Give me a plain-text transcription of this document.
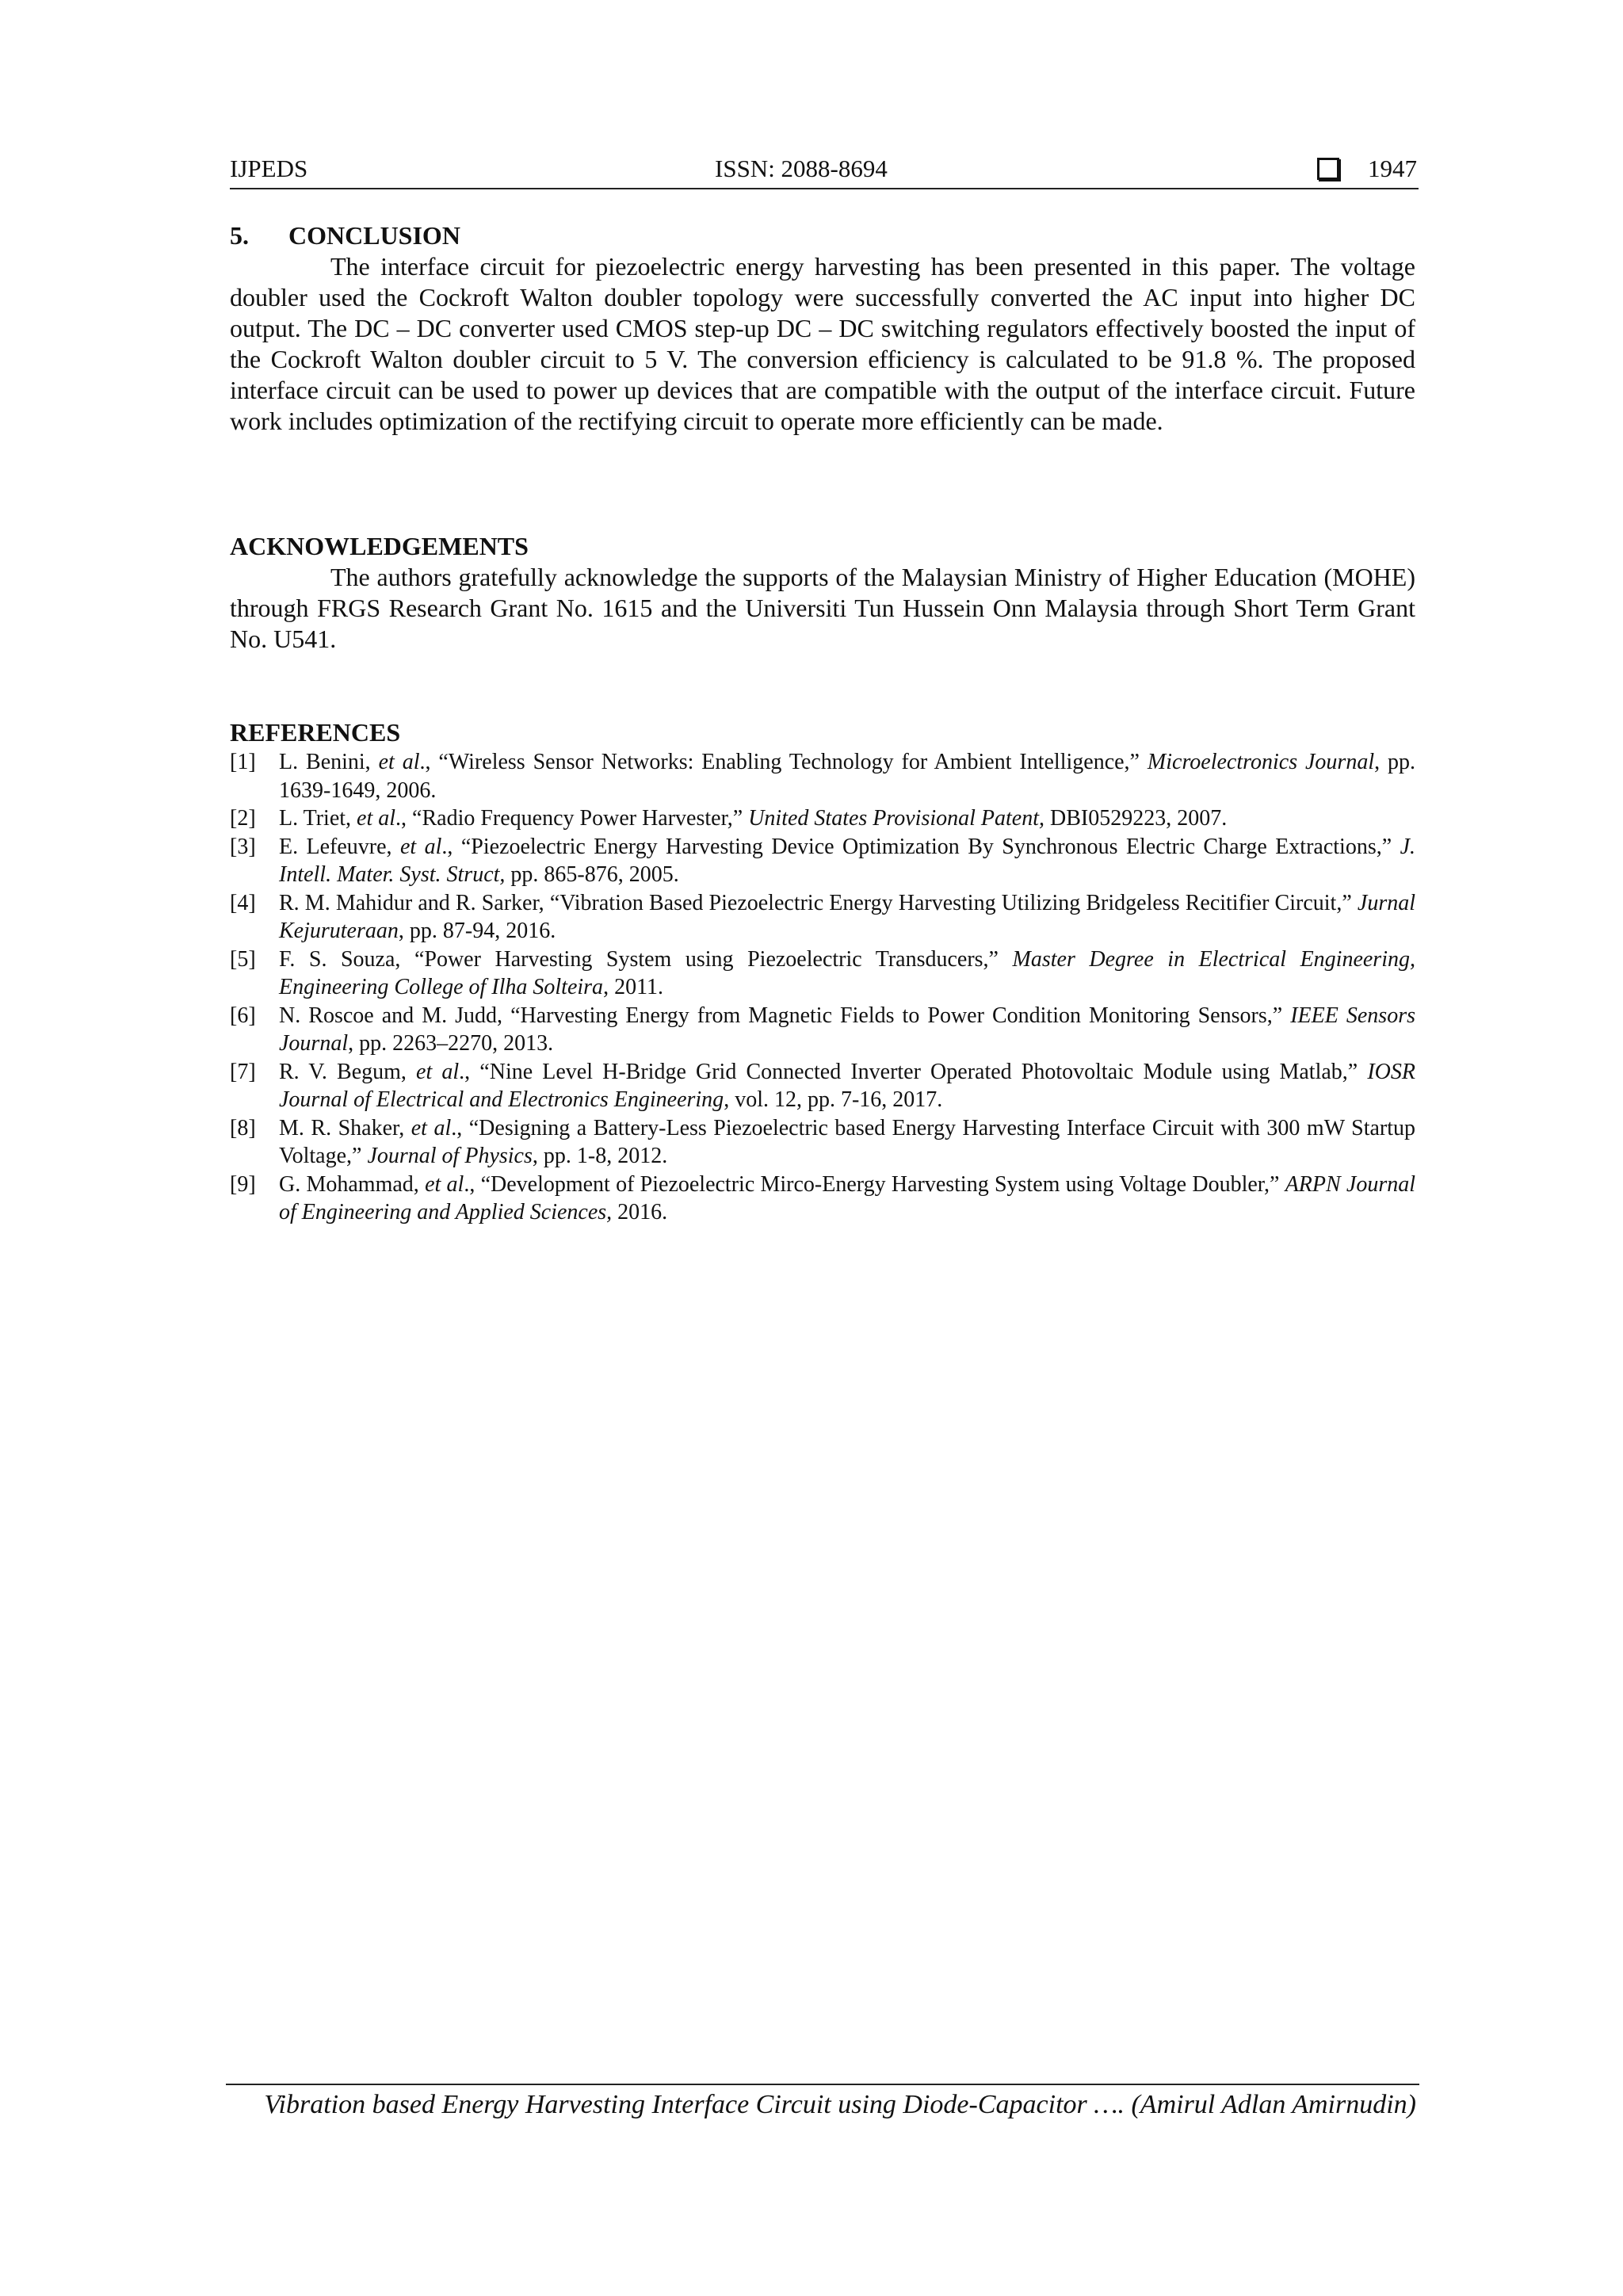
IJPEDS	ISSN: 2088-8694	1947
5. CONCLUSION

The interface circuit for piezoelectric energy harvesting has been presented in this paper. The voltage doubler used the Cockroft Walton doubler topology were successfully converted the AC input into higher DC output. The DC – DC converter used CMOS step-up DC – DC switching regulators effectively boosted the input of the Cockroft Walton doubler circuit to 5 V. The conversion efficiency is calculated to be 91.8 %. The proposed interface circuit can be used to power up devices that are compatible with the output of the interface circuit. Future work includes optimization of the rectifying circuit to operate more efficiently can be made.

ACKNOWLEDGEMENTS

The authors gratefully acknowledge the supports of the Malaysian Ministry of Higher Education (MOHE) through FRGS Research Grant No. 1615 and the Universiti Tun Hussein Onn Malaysia through Short Term Grant No. U541.

REFERENCES
[1] L. Benini, et al., “Wireless Sensor Networks: Enabling Technology for Ambient Intelligence,” Microelectronics Journal, pp. 1639-1649, 2006.
[2] L. Triet, et al., “Radio Frequency Power Harvester,” United States Provisional Patent, DBI0529223, 2007.
[3] E. Lefeuvre, et al., “Piezoelectric Energy Harvesting Device Optimization By Synchronous Electric Charge Extractions,” J. Intell. Mater. Syst. Struct, pp. 865-876, 2005.
[4] R. M. Mahidur and R. Sarker, “Vibration Based Piezoelectric Energy Harvesting Utilizing Bridgeless Recitifier Circuit,” Jurnal Kejuruteraan, pp. 87-94, 2016.
[5] F. S. Souza, “Power Harvesting System using Piezoelectric Transducers,” Master Degree in Electrical Engineering, Engineering College of Ilha Solteira, 2011.
[6] N. Roscoe and M. Judd, “Harvesting Energy from Magnetic Fields to Power Condition Monitoring Sensors,” IEEE Sensors Journal, pp. 2263–2270, 2013.
[7] R. V. Begum, et al., “Nine Level H-Bridge Grid Connected Inverter Operated Photovoltaic Module using Matlab,” IOSR Journal of Electrical and Electronics Engineering, vol. 12, pp. 7-16, 2017.
[8] M. R. Shaker, et al., “Designing a Battery-Less Piezoelectric based Energy Harvesting Interface Circuit with 300 mW Startup Voltage,” Journal of Physics, pp. 1-8, 2012.
[9] G. Mohammad, et al., “Development of Piezoelectric Mirco-Energy Harvesting System using Voltage Doubler,” ARPN Journal of Engineering and Applied Sciences, 2016.
Vibration based Energy Harvesting Interface Circuit using Diode-Capacitor …. (Amirul Adlan Amirnudin)
